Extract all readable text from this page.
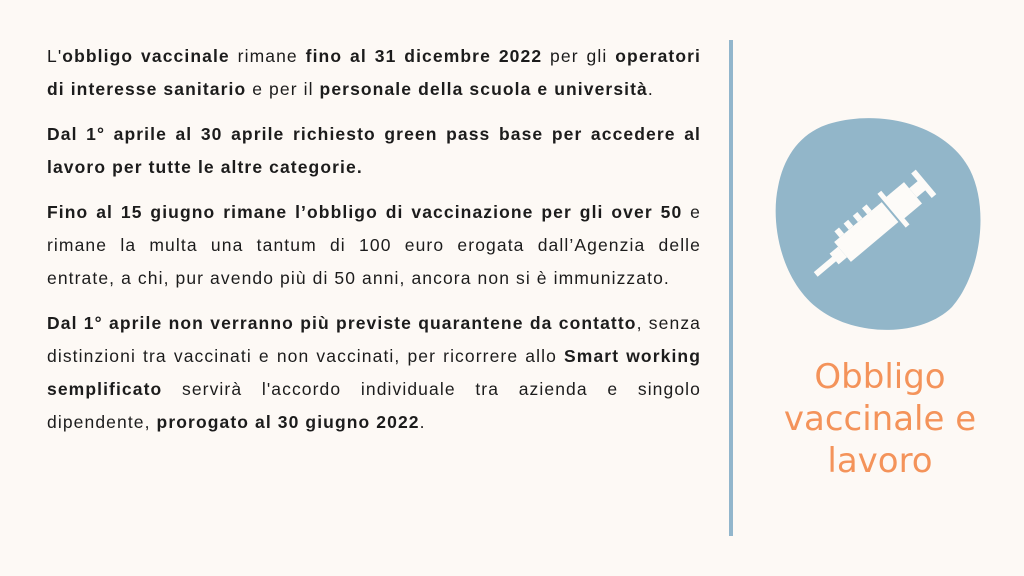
L'obbligo vaccinale rimane fino al 31 dicembre 2022 per gli operatori di interesse sanitario e per il personale della scuola e università.

Dal 1° aprile al 30 aprile richiesto green pass base per accedere al lavoro per tutte le altre categorie.

Fino al 15 giugno rimane l’obbligo di vaccinazione per gli over 50 e rimane la multa una tantum di 100 euro erogata dall’Agenzia delle entrate, a chi, pur avendo più di 50 anni, ancora non si è immunizzato.

Dal 1° aprile non verranno più previste quarantene da contatto, senza distinzioni tra vaccinati e non vaccinati, per ricorrere allo Smart working semplificato servirà l'accordo individuale tra azienda e singolo dipendente, prorogato al 30 giugno 2022.

Obbligo
vaccinale e
lavoro
